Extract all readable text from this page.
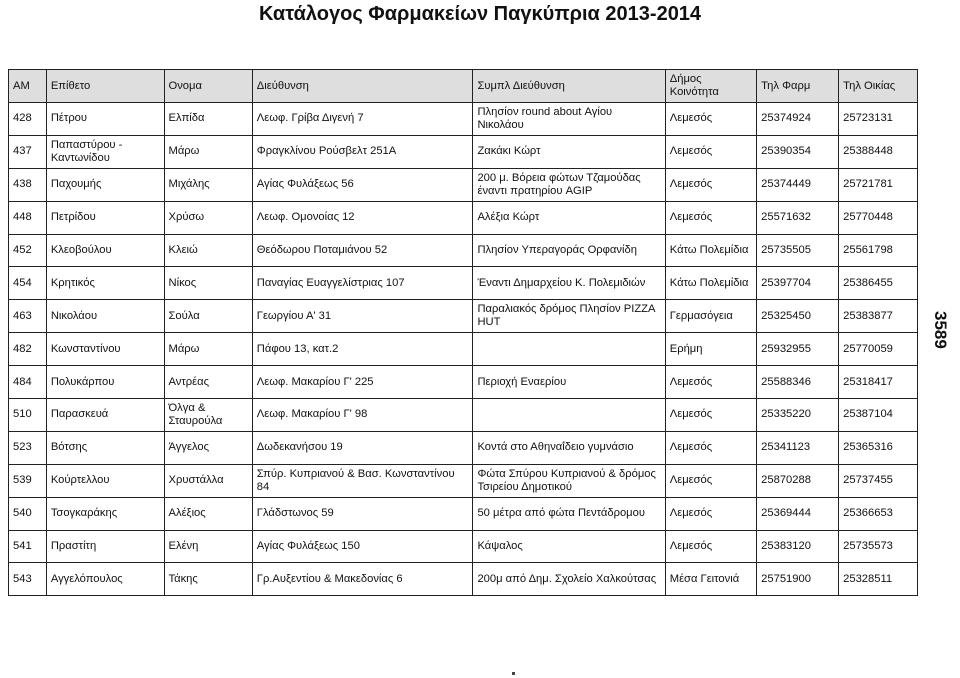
Κατάλογος Φαρμακείων Παγκύπρια 2013-2014
ΑΜ	Επίθετο	Ονομα	Διεύθυνση	Συμπλ Διεύθυνση	Δήμος Κοινότητα	Τηλ Φαρμ	Τηλ Οικίας
428	Πέτρου	Ελπίδα	Λεωφ. Γρίβα Διγενή 7	Πλησίον round about Αγίου Νικολάου	Λεμεσός	25374924	25723131
437	Παπαστύρου - Καντωνίδου	Μάρω	Φραγκλίνου Ρούσβελτ 251Α	Ζακάκι Κώρτ	Λεμεσός	25390354	25388448
438	Παχουμής	Μιχάλης	Αγίας Φυλάξεως 56	200 μ. Βόρεια φώτων Τζαμούδας έναντι πρατηρίου AGIP	Λεμεσός	25374449	25721781
448	Πετρίδου	Χρύσω	Λεωφ. Ομονοίας 12	Αλέξια Κώρτ	Λεμεσός	25571632	25770448
452	Κλεοβούλου	Κλειώ	Θεόδωρου Ποταμιάνου 52	Πλησίον Υπεραγοράς Ορφανίδη	Κάτω Πολεμίδια	25735505	25561798
454	Κρητικός	Νίκος	Παναγίας Ευαγγελίστριας 107	Έναντι Δημαρχείου Κ. Πολεμιδιών	Κάτω Πολεμίδια	25397704	25386455
463	Νικολάου	Σούλα	Γεωργίου Α' 31	Παραλιακός δρόμος Πλησίον PIZZA HUT	Γερμασόγεια	25325450	25383877
482	Κωνσταντίνου	Μάρω	Πάφου 13, κατ.2		Ερήμη	25932955	25770059
484	Πολυκάρπου	Αντρέας	Λεωφ. Μακαρίου Γ' 225	Περιοχή Εναερίου	Λεμεσός	25588346	25318417
510	Παρασκευά	Όλγα & Σταυρούλα	Λεωφ. Μακαρίου Γ' 98		Λεμεσός	25335220	25387104
523	Βότσης	Άγγελος	Δωδεκανήσου 19	Κοντά στο Αθηναΐδειο γυμνάσιο	Λεμεσός	25341123	25365316
539	Κούρτελλου	Χρυστάλλα	Σπύρ. Κυπριανού & Βασ. Κωνσταντίνου 84	Φώτα Σπύρου Κυπριανού & δρόμος Τσιρείου Δημοτικού	Λεμεσός	25870288	25737455
540	Τσογκαράκης	Αλέξιος	Γλάδστωνος 59	50 μέτρα από φώτα Πεντάδρομου	Λεμεσός	25369444	25366653
541	Πραστίτη	Ελένη	Αγίας Φυλάξεως 150	Κάψαλος	Λεμεσός	25383120	25735573
543	Αγγελόπουλος	Τάκης	Γρ.Αυξεντίου & Μακεδονίας 6	200μ από Δημ. Σχολείο Χαλκούτσας	Μέσα Γειτονιά	25751900	25328511
3589
